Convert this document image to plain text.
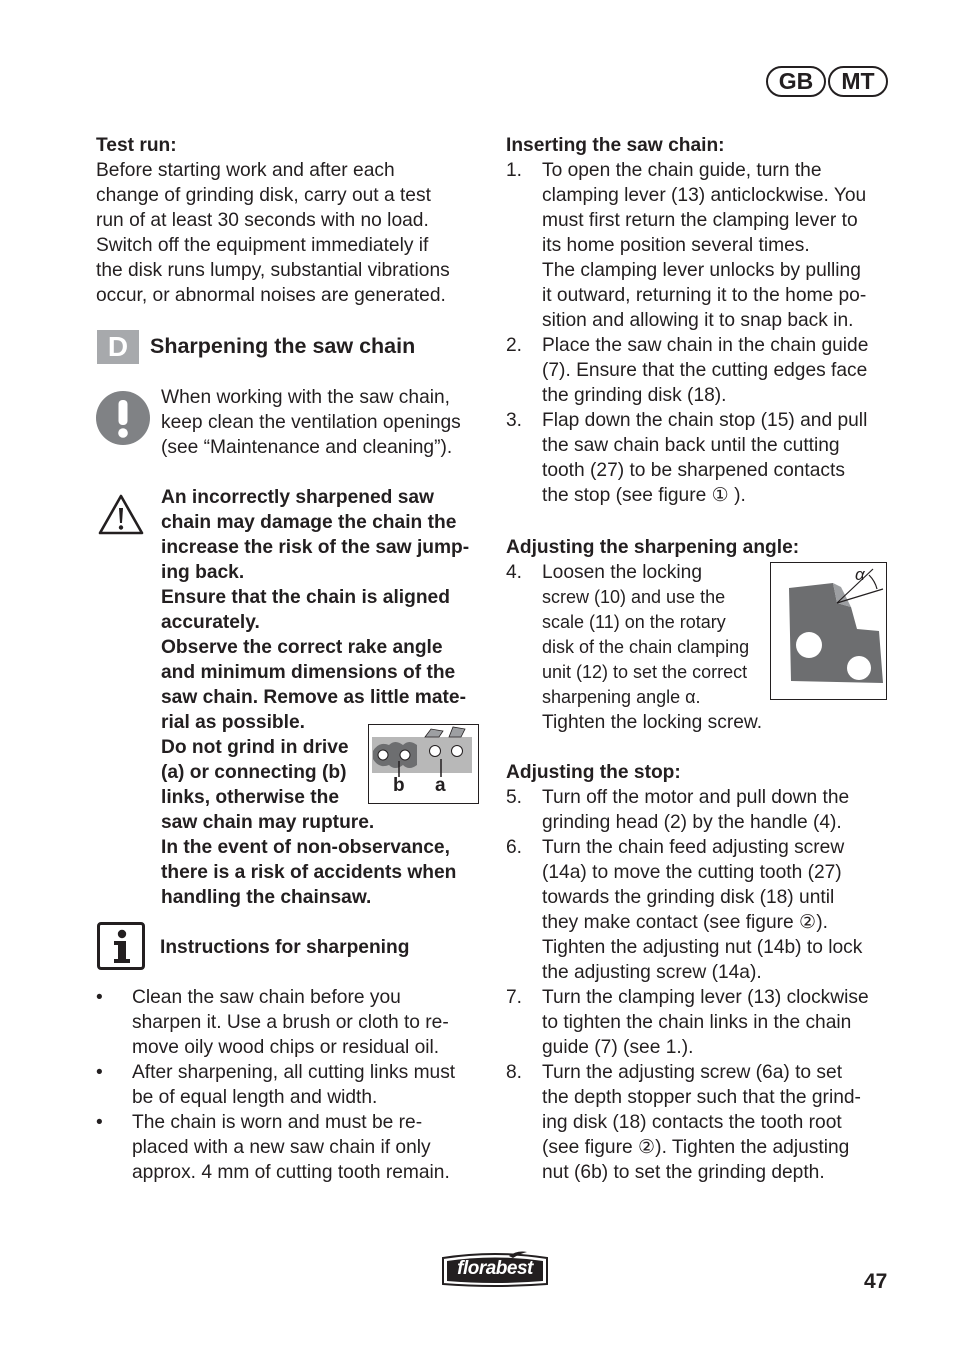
GB	MT

Test run:

Before starting work and after each

change of grinding disk, carry out a test

run of at least 30 seconds with no load.

Switch off the equipment immediately if

the disk runs lumpy, substantial vibrations

occur, or abnormal noises are generated.

D	Sharpening the saw chain

When working with the saw chain,

keep clean the ventilation openings

(see “Maintenance and cleaning”).

An incorrectly sharpened saw

chain may damage the chain the

increase the risk of the saw jump-

ing back.

Ensure that the chain is aligned

accurately.

Observe the correct rake angle

and minimum dimensions of the

saw chain. Remove as little mate-

rial as possible.

Do not grind in drive

(a) or connecting (b)

links, otherwise the

saw chain may rupture.

In the event of non-observance,

there is a risk of accidents when

handling the chainsaw.

b a
Instructions for sharpening
• Clean the saw chain before you
sharpen it. Use a brush or cloth to re-
move oily wood chips or residual oil.
• After sharpening, all cutting links must
be of equal length and width.
• The chain is worn and must be re-
placed with a new saw chain if only
approx. 4 mm of cutting tooth remain.
Inserting the saw chain:
1. To open the chain guide, turn the
clamping lever (13) anticlockwise. You
must first return the clamping lever to
its home position several times.
The clamping lever unlocks by pulling
it outward, returning it to the home po-
sition and allowing it to snap back in.
2. Place the saw chain in the chain guide
(7). Ensure that the cutting edges face
the grinding disk (18).
3. Flap down the chain stop (15) and pull
the saw chain back until the cutting
tooth (27) to be sharpened contacts
the stop (see figure ① ).
Adjusting the sharpening angle:
4. Loosen the locking
screw (10) and use the
scale (11) on the rotary
disk of the chain clamping
unit (12) to set the correct
sharpening angle α.
Tighten the locking screw.
α
Adjusting the stop:
5. Turn off the motor and pull down the
grinding head (2) by the handle (4).
6. Turn the chain feed adjusting screw
(14a) to move the cutting tooth (27)
towards the grinding disk (18) until
they make contact (see figure ②).
Tighten the adjusting nut (14b) to lock
the adjusting screw (14a).
7. Turn the clamping lever (13) clockwise
to tighten the chain links in the chain
guide (7) (see 1.).
8. Turn the adjusting screw (6a) to set
the depth stopper such that the grind-
ing disk (18) contacts the tooth root
(see figure ②). Tighten the adjusting
nut (6b) to set the grinding depth.
florabest
47
